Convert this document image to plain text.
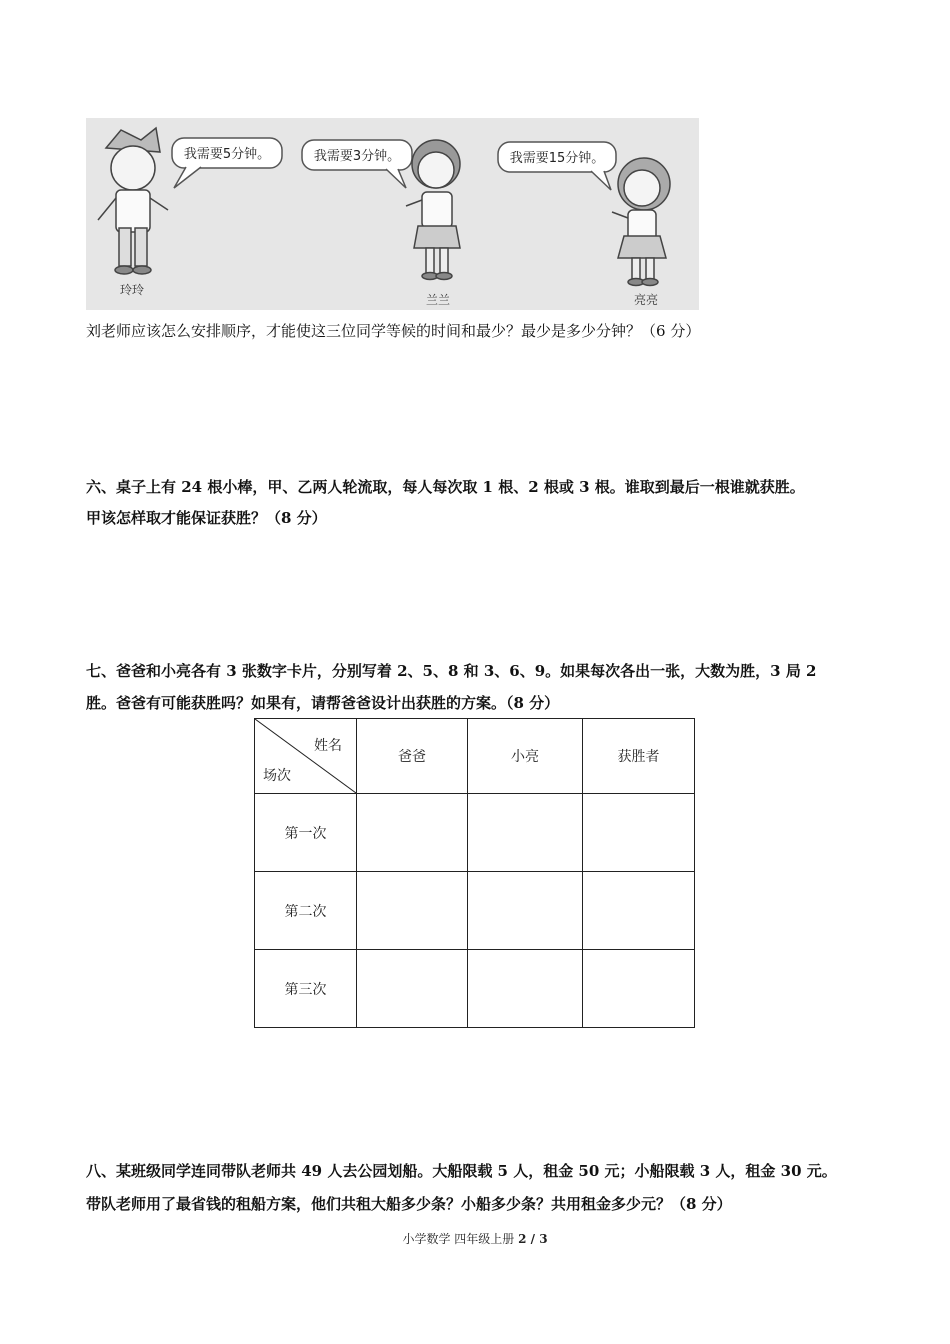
我需要5分钟。	我需要3分钟。	我需要15分钟。
玲玲
兰兰	亮亮
刘老师应该怎么安排顺序，才能使这三位同学等候的时间和最少？最少是多少分钟？（6 分）
六、桌子上有 24 根小棒，甲、乙两人轮流取，每人每次取 1 根、2 根或 3 根。谁取到最后一根谁就获胜。
甲该怎样取才能保证获胜？（8 分）
七、爸爸和小亮各有 3 张数字卡片，分别写着 2、5、8 和 3、6、9。如果每次各出一张，大数为胜，3 局 2
胜。爸爸有可能获胜吗？如果有，请帮爸爸设计出获胜的方案。（8 分）
姓名
场次	爸爸	小亮	获胜者
第一次			
第二次			
第三次			
八、某班级同学连同带队老师共 49 人去公园划船。大船限载 5 人，租金 50 元；小船限载 3 人，租金 30 元。
带队老师用了最省钱的租船方案，他们共租大船多少条？小船多少条？共用租金多少元？（8 分）
小学数学 四年级上册 2 / 3
